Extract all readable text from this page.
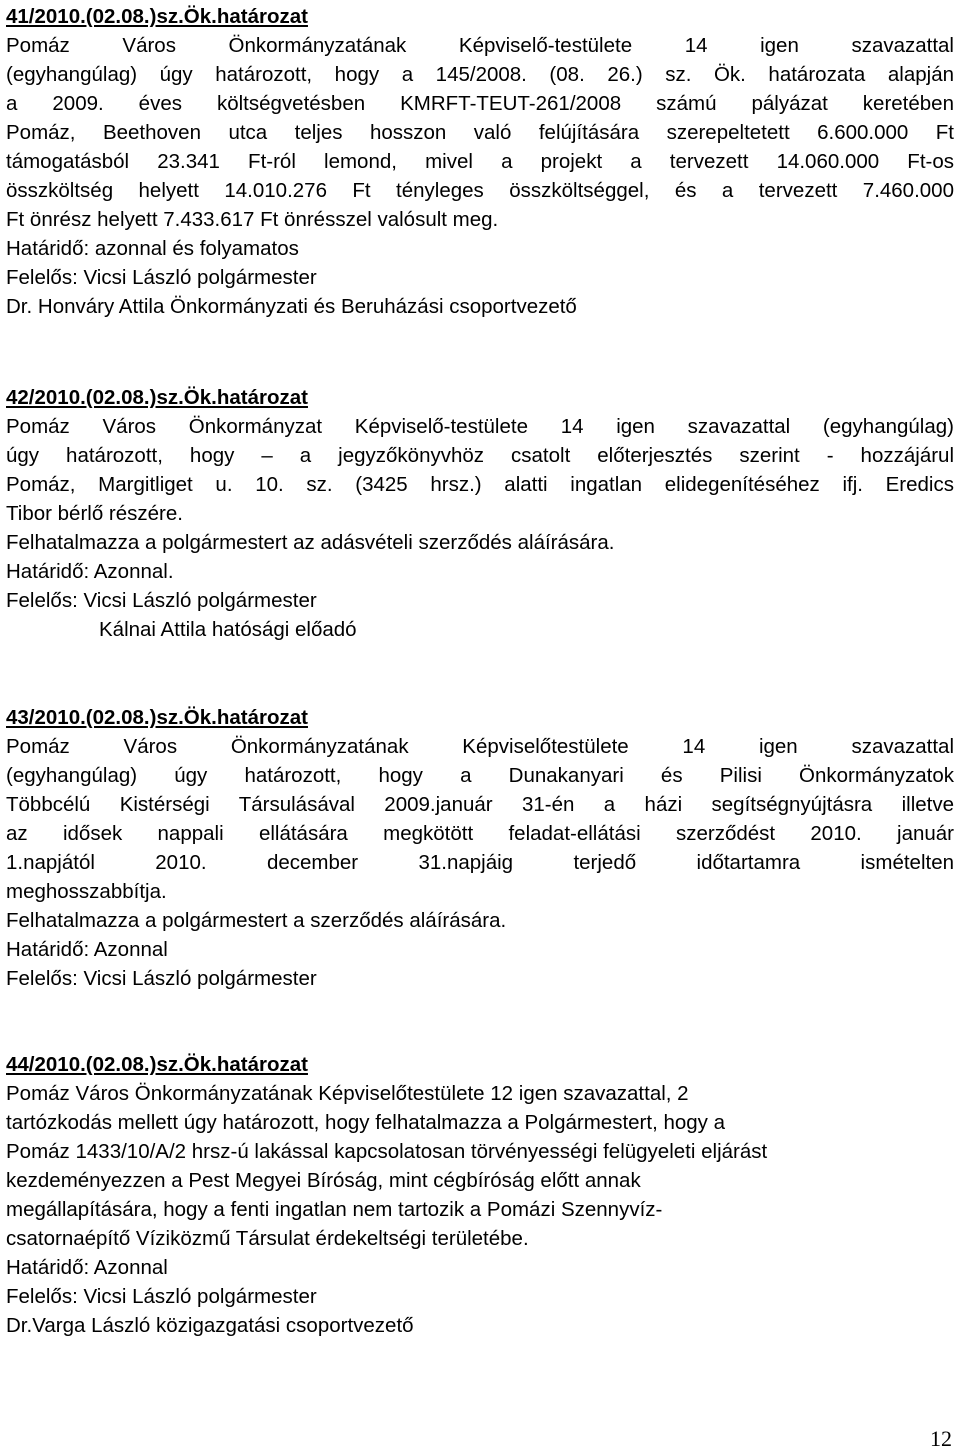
41/2010.(02.08.)sz.Ök.határozat
Pomáz Város Önkormányzatának Képviselő-testülete 14 igen szavazattal
(egyhangúlag) úgy határozott, hogy a 145/2008. (08. 26.) sz. Ök. határozata alapján
a 2009. éves költségvetésben KMRFT-TEUT-261/2008 számú pályázat keretében
Pomáz, Beethoven utca teljes hosszon való felújítására szerepeltetett 6.600.000 Ft
támogatásból 23.341 Ft-ról lemond, mivel a projekt a tervezett 14.060.000 Ft-os
összköltség helyett 14.010.276 Ft tényleges összköltséggel, és a tervezett 7.460.000
Ft önrész helyett 7.433.617 Ft önrésszel valósult meg.
Határidő: azonnal és folyamatos
Felelős: Vicsi László polgármester
Dr. Honváry Attila Önkormányzati és Beruházási csoportvezető
42/2010.(02.08.)sz.Ök.határozat
Pomáz Város Önkormányzat Képviselő-testülete 14 igen szavazattal (egyhangúlag)
úgy határozott, hogy – a jegyzőkönyvhöz csatolt előterjesztés szerint - hozzájárul
Pomáz, Margitliget u. 10. sz. (3425 hrsz.) alatti ingatlan elidegenítéséhez ifj. Eredics
Tibor bérlő részére.
Felhatalmazza a polgármestert az adásvételi szerződés aláírására.
Határidő: Azonnal.
Felelős: Vicsi László polgármester
Kálnai Attila hatósági előadó
43/2010.(02.08.)sz.Ök.határozat
Pomáz Város Önkormányzatának Képviselőtestülete 14 igen szavazattal
(egyhangúlag) úgy határozott, hogy a Dunakanyari és Pilisi Önkormányzatok
Többcélú Kistérségi Társulásával 2009.január 31-én a házi segítségnyújtásra illetve
az idősek nappali ellátására megkötött feladat-ellátási szerződést 2010. január
1.napjától 2010. december 31.napjáig terjedő időtartamra ismételten
meghosszabbítja.
Felhatalmazza a polgármestert a szerződés aláírására.
Határidő: Azonnal
Felelős: Vicsi László polgármester
44/2010.(02.08.)sz.Ök.határozat
Pomáz Város Önkormányzatának Képviselőtestülete 12 igen szavazattal, 2
tartózkodás mellett úgy határozott, hogy felhatalmazza a Polgármestert, hogy a
Pomáz 1433/10/A/2 hrsz-ú lakással kapcsolatosan törvényességi felügyeleti eljárást
kezdeményezzen a Pest Megyei Bíróság, mint cégbíróság előtt annak
megállapítására, hogy a fenti ingatlan nem tartozik a Pomázi Szennyvíz-
csatornaépítő Víziközmű Társulat érdekeltségi területébe.
Határidő: Azonnal
Felelős: Vicsi László polgármester
Dr.Varga László közigazgatási csoportvezető
12
